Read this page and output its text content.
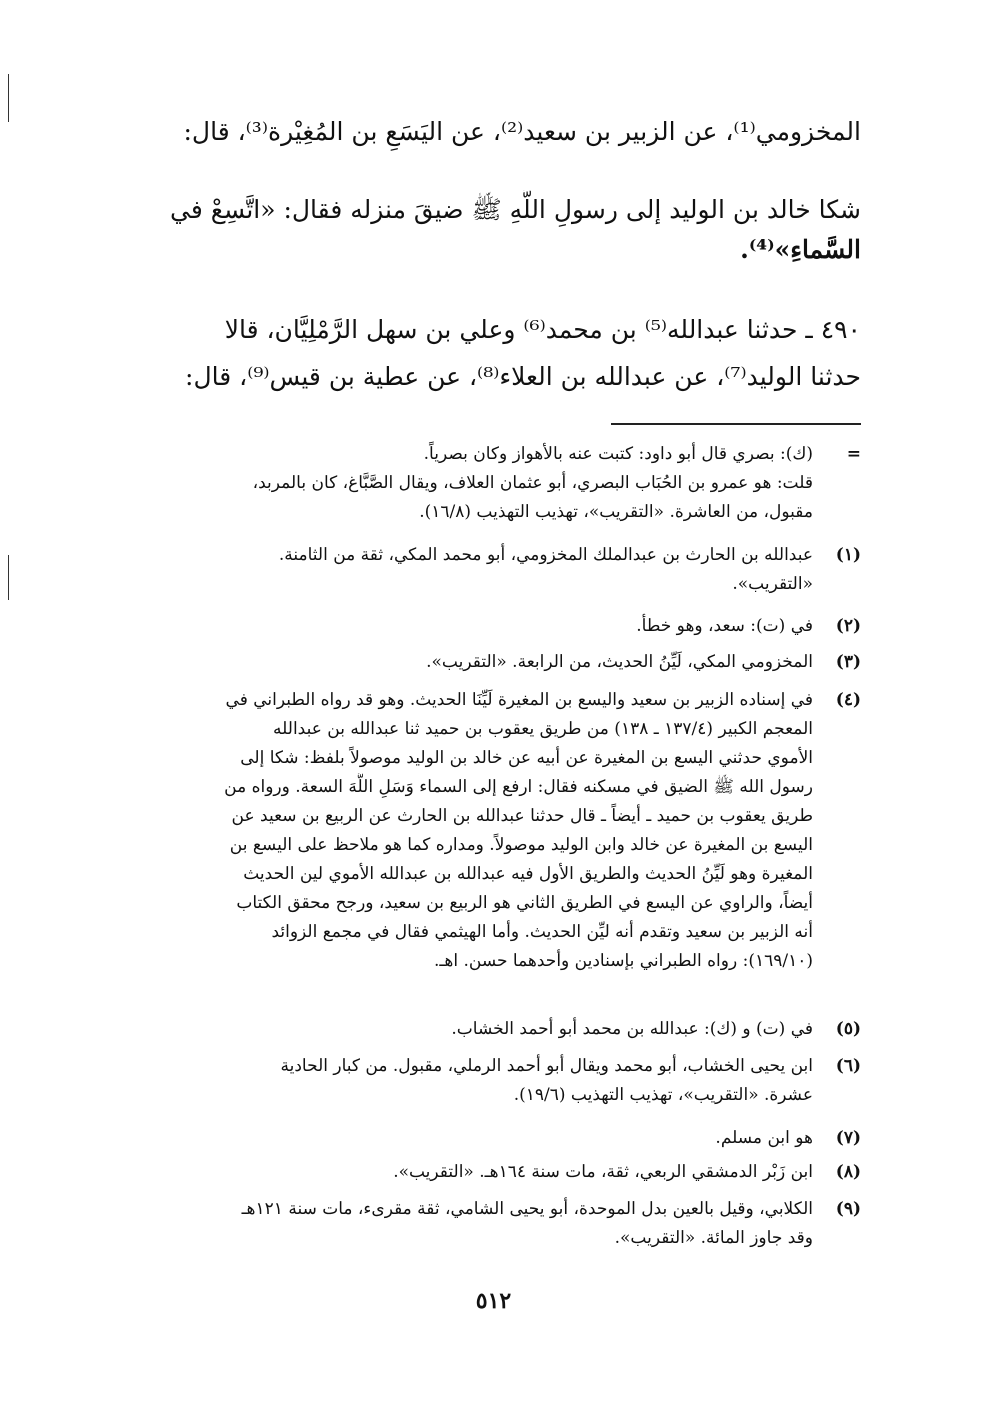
المخزومي⁽¹⁾، عن الزبير بن سعيد⁽²⁾، عن اليَسَعِ بن المُغِيْرة⁽³⁾، قال:
شكا خالد بن الوليد إلى رسولِ اللَّهِ ﷺ ضيقَ منزله فقال: «اتَّسِعْ في
السَّماءِ»⁽⁴⁾.
٤٩٠ ـ حدثنا عبدالله⁽⁵⁾ بن محمد⁽⁶⁾ وعلي بن سهل الرَّمْلِيَّان، قالا
حدثنا الوليد⁽⁷⁾، عن عبدالله بن العلاء⁽⁸⁾، عن عطية بن قيس⁽⁹⁾، قال:
=
(ك): بصري قال أبو داود: كتبت عنه بالأهواز وكان بصرياً.
قلت: هو عمرو بن الحُبَاب البصري، أبو عثمان العلاف، ويقال الصَّبَّاغ، كان بالمربد،
مقبول، من العاشرة. «التقريب»، تهذيب التهذيب (١٦/٨).
(١)
عبدالله بن الحارث بن عبدالملك المخزومي، أبو محمد المكي، ثقة من الثامنة.
«التقريب».
(٢)
في (ت): سعد، وهو خطأ.
(٣)
المخزومي المكي، لَيِّنُ الحديث، من الرابعة. «التقريب».
(٤)
في إسناده الزبير بن سعيد واليسع بن المغيرة لَيِّنَا الحديث. وهو قد رواه الطبراني في
المعجم الكبير (١٣٧/٤ ـ ١٣٨) من طريق يعقوب بن حميد ثنا عبدالله بن عبدالله
الأموي حدثني اليسع بن المغيرة عن أبيه عن خالد بن الوليد موصولاً بلفظ: شكا إلى
رسول الله ﷺ الضيق في مسكنه فقال: ارفع إلى السماء وَسَلِ اللَّهَ السعة. ورواه من
طريق يعقوب بن حميد ـ أيضاً ـ قال حدثنا عبدالله بن الحارث عن الربيع بن سعيد عن
اليسع بن المغيرة عن خالد وابن الوليد موصولاً. ومداره كما هو ملاحظ على اليسع بن
المغيرة وهو لَيِّنُ الحديث والطريق الأول فيه عبدالله بن عبدالله الأموي لين الحديث
أيضاً، والراوي عن اليسع في الطريق الثاني هو الربيع بن سعيد، ورجح محقق الكتاب
أنه الزبير بن سعيد وتقدم أنه ليِّن الحديث. وأما الهيثمي فقال في مجمع الزوائد
(١٦٩/١٠): رواه الطبراني بإسنادين وأحدهما حسن. اهـ.
(٥)
في (ت) و (ك): عبدالله بن محمد أبو أحمد الخشاب.
(٦)
ابن يحيى الخشاب، أبو محمد ويقال أبو أحمد الرملي، مقبول. من كبار الحادية
عشرة. «التقريب»، تهذيب التهذيب (١٩/٦).
(٧)
هو ابن مسلم.
(٨)
ابن زَبْر الدمشقي الربعي، ثقة، مات سنة ١٦٤هـ. «التقريب».
(٩)
الكلابي، وقيل بالعين بدل الموحدة، أبو يحيى الشامي، ثقة مقرىء، مات سنة ١٢١هـ
وقد جاوز المائة. «التقريب».
٥١٢
